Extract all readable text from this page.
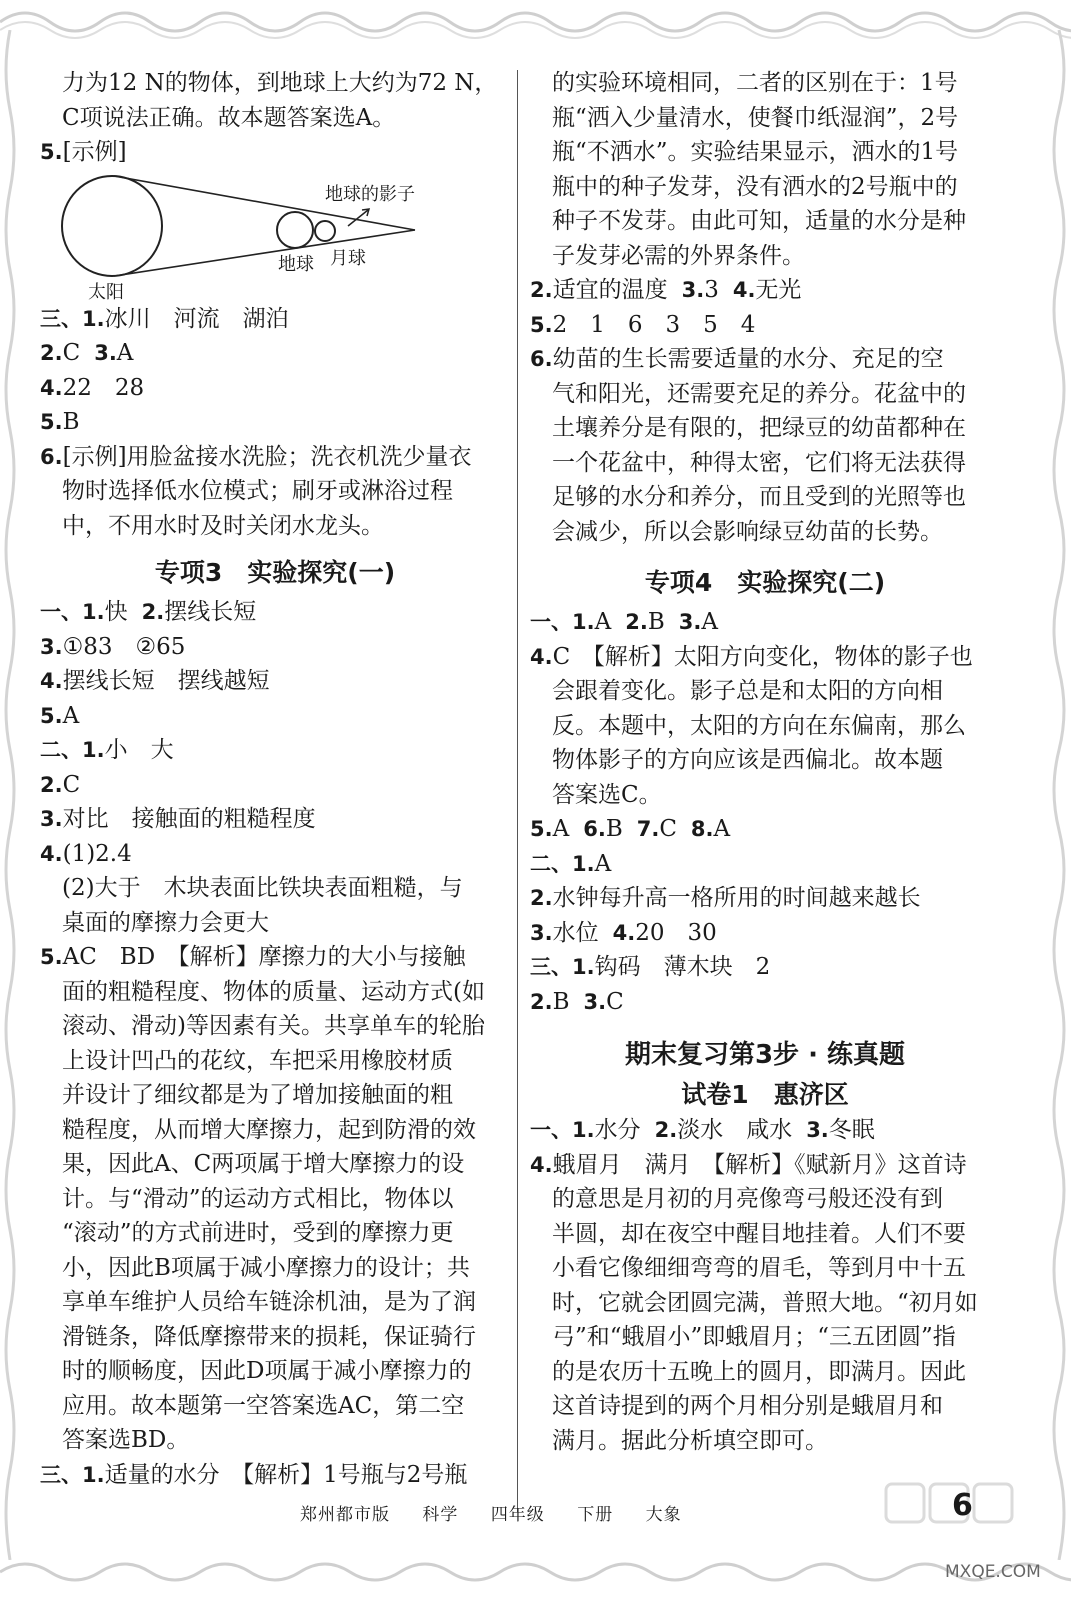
力为12 N的物体，到地球上大约为72 N，
C项说法正确。故本题答案选A。
5.[示例]
地球的影子
太阳
地球 月球
三、1.冰川　河流　湖泊
2.C 3.A
4.22　28
5.B
6.[示例]用脸盆接水洗脸；洗衣机洗少量衣
物时选择低水位模式；刷牙或淋浴过程
中，不用水时及时关闭水龙头。
专项3　实验探究(一)
一、1.快 2.摆线长短
3.①83　②65
4.摆线长短　摆线越短
5.A
二、1.小　大
2.C
3.对比　接触面的粗糙程度
4.(1)2.4
(2)大于　木块表面比铁块表面粗糙，与
桌面的摩擦力会更大
5.AC　BD　【解析】摩擦力的大小与接触
面的粗糙程度、物体的质量、运动方式(如
滚动、滑动)等因素有关。共享单车的轮胎
上设计凹凸的花纹，车把采用橡胶材质
并设计了细纹都是为了增加接触面的粗
糙程度，从而增大摩擦力，起到防滑的效
果，因此A、C两项属于增大摩擦力的设
计。与“滑动”的运动方式相比，物体以
“滚动”的方式前进时，受到的摩擦力更
小，因此B项属于减小摩擦力的设计；共
享单车维护人员给车链涂机油，是为了润
滑链条，降低摩擦带来的损耗，保证骑行
时的顺畅度，因此D项属于减小摩擦力的
应用。故本题第一空答案选AC，第二空
答案选BD。
三、1.适量的水分　【解析】1号瓶与2号瓶
的实验环境相同，二者的区别在于：1号
瓶“洒入少量清水，使餐巾纸湿润”，2号
瓶“不洒水”。实验结果显示，洒水的1号
瓶中的种子发芽，没有洒水的2号瓶中的
种子不发芽。由此可知，适量的水分是种
子发芽必需的外界条件。
2.适宜的温度 3.3 4.无光
5.2　1　6　3　5　4
6.幼苗的生长需要适量的水分、充足的空
气和阳光，还需要充足的养分。花盆中的
土壤养分是有限的，把绿豆的幼苗都种在
一个花盆中，种得太密，它们将无法获得
足够的水分和养分，而且受到的光照等也
会减少，所以会影响绿豆幼苗的长势。
专项4　实验探究(二)
一、1.A 2.B 3.A
4.C　【解析】太阳方向变化，物体的影子也
会跟着变化。影子总是和太阳的方向相
反。本题中，太阳的方向在东偏南，那么
物体影子的方向应该是西偏北。故本题
答案选C。
5.A 6.B 7.C 8.A
二、1.A
2.水钟每升高一格所用的时间越来越长
3.水位 4.20　30
三、1.钩码　薄木块　2
2.B 3.C
期末复习第3步 · 练真题
试卷1　惠济区
一、1.水分 2.淡水　咸水 3.冬眠
4.蛾眉月　满月　【解析】《赋新月》这首诗
的意思是月初的月亮像弯弓般还没有到
半圆，却在夜空中醒目地挂着。人们不要
小看它像细细弯弯的眉毛，等到月中十五
时，它就会团圆完满，普照大地。“初月如
弓”和“蛾眉小”即蛾眉月；“三五团圆”指
的是农历十五晚上的圆月，即满月。因此
这首诗提到的两个月相分别是蛾眉月和
满月。据此分析填空即可。
郑州都市版 科学 四年级 下册 大象	6
MXQE.COM
